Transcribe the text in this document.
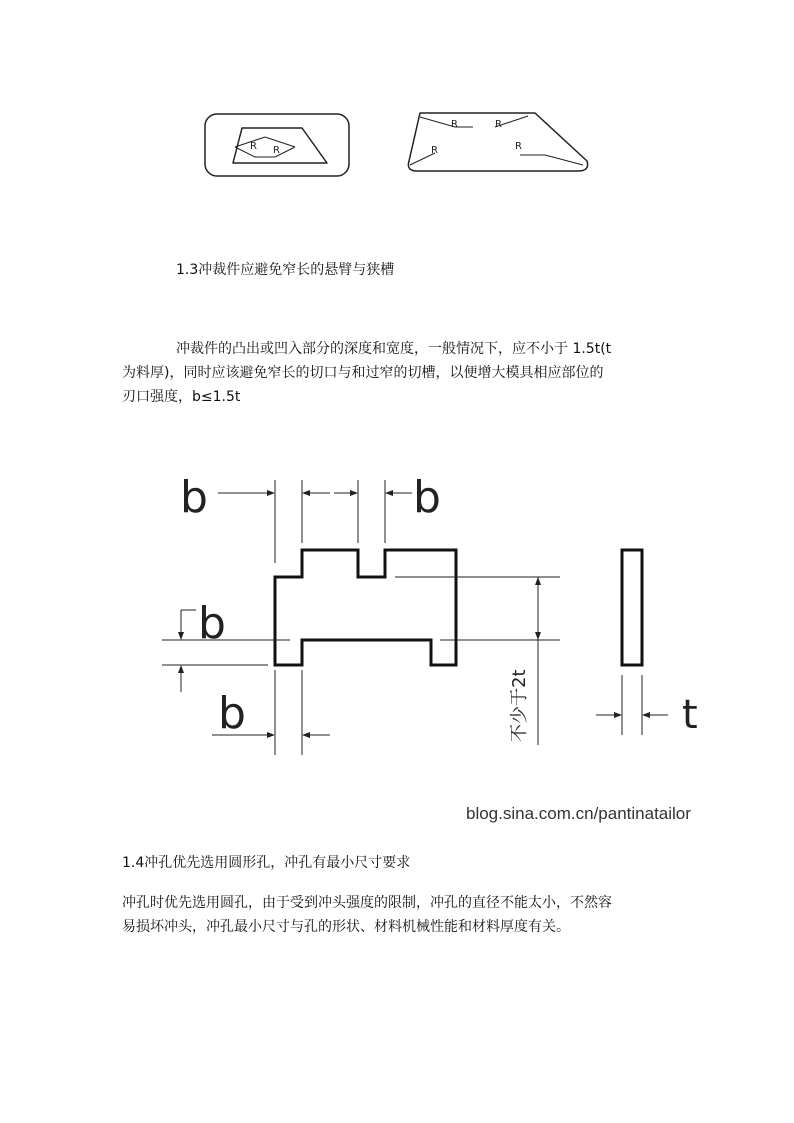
R R
R	R
R	R
1.3冲裁件应避免窄长的悬臂与狭槽
冲裁件的凸出或凹入部分的深度和宽度，一般情况下，应不小于 1.5t(t
为料厚)，同时应该避免窄长的切口与和过窄的切槽，以便增大模具相应部位的
刃口强度，b≤1.5t
b	b
b
b	不少于2t	t
blog.sina.com.cn/pantinatailor
1.4冲孔优先选用圆形孔，冲孔有最小尺寸要求
冲孔时优先选用圆孔，由于受到冲头强度的限制，冲孔的直径不能太小，不然容
易损坏冲头，冲孔最小尺寸与孔的形状、材料机械性能和材料厚度有关。
